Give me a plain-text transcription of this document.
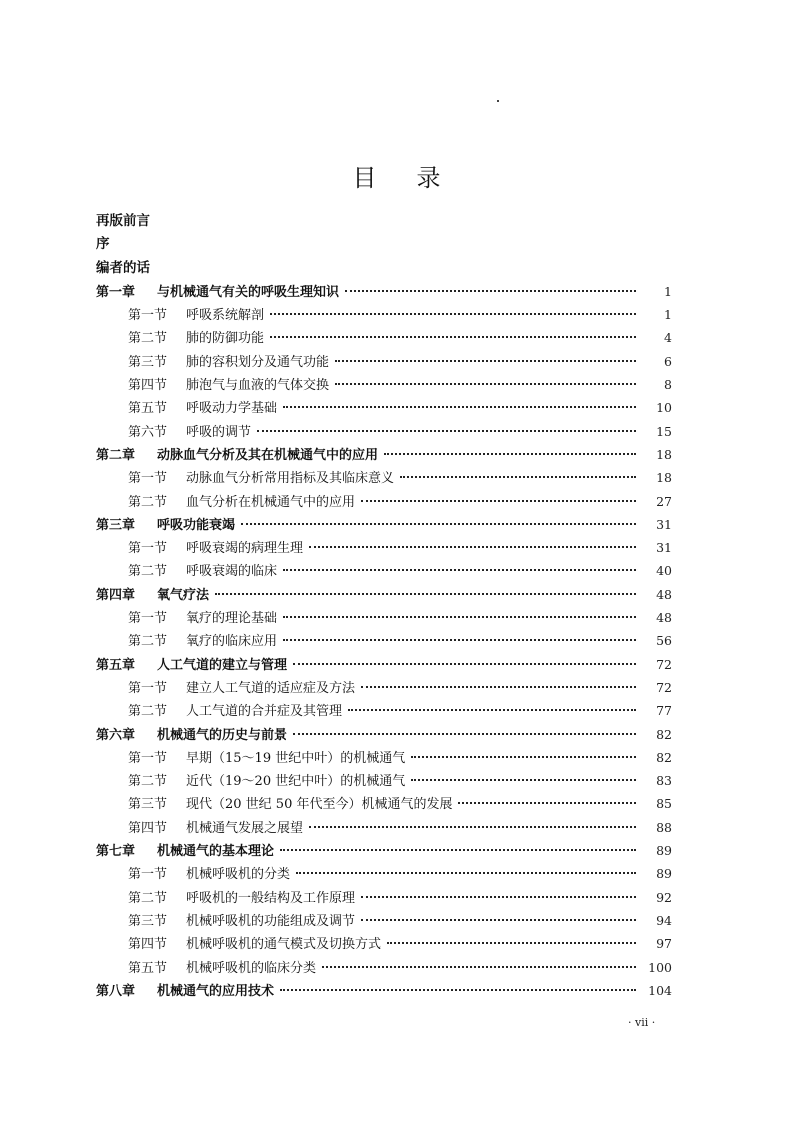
目录
再版前言
序
编者的话
第一章	与机械通气有关的呼吸生理知识	1
第一节	呼吸系统解剖	1
第二节	肺的防御功能	4
第三节	肺的容积划分及通气功能	6
第四节	肺泡气与血液的气体交换	8
第五节	呼吸动力学基础	10
第六节	呼吸的调节	15
第二章	动脉血气分析及其在机械通气中的应用	18
第一节	动脉血气分析常用指标及其临床意义	18
第二节	血气分析在机械通气中的应用	27
第三章	呼吸功能衰竭	31
第一节	呼吸衰竭的病理生理	31
第二节	呼吸衰竭的临床	40
第四章	氧气疗法	48
第一节	氧疗的理论基础	48
第二节	氧疗的临床应用	56
第五章	人工气道的建立与管理	72
第一节	建立人工气道的适应症及方法	72
第二节	人工气道的合并症及其管理	77
第六章	机械通气的历史与前景	82
第一节	早期（15～19 世纪中叶）的机械通气	82
第二节	近代（19～20 世纪中叶）的机械通气	83
第三节	现代（20 世纪 50 年代至今）机械通气的发展	85
第四节	机械通气发展之展望	88
第七章	机械通气的基本理论	89
第一节	机械呼吸机的分类	89
第二节	呼吸机的一般结构及工作原理	92
第三节	机械呼吸机的功能组成及调节	94
第四节	机械呼吸机的通气模式及切换方式	97
第五节	机械呼吸机的临床分类	100
第八章	机械通气的应用技术	104
· vii ·
